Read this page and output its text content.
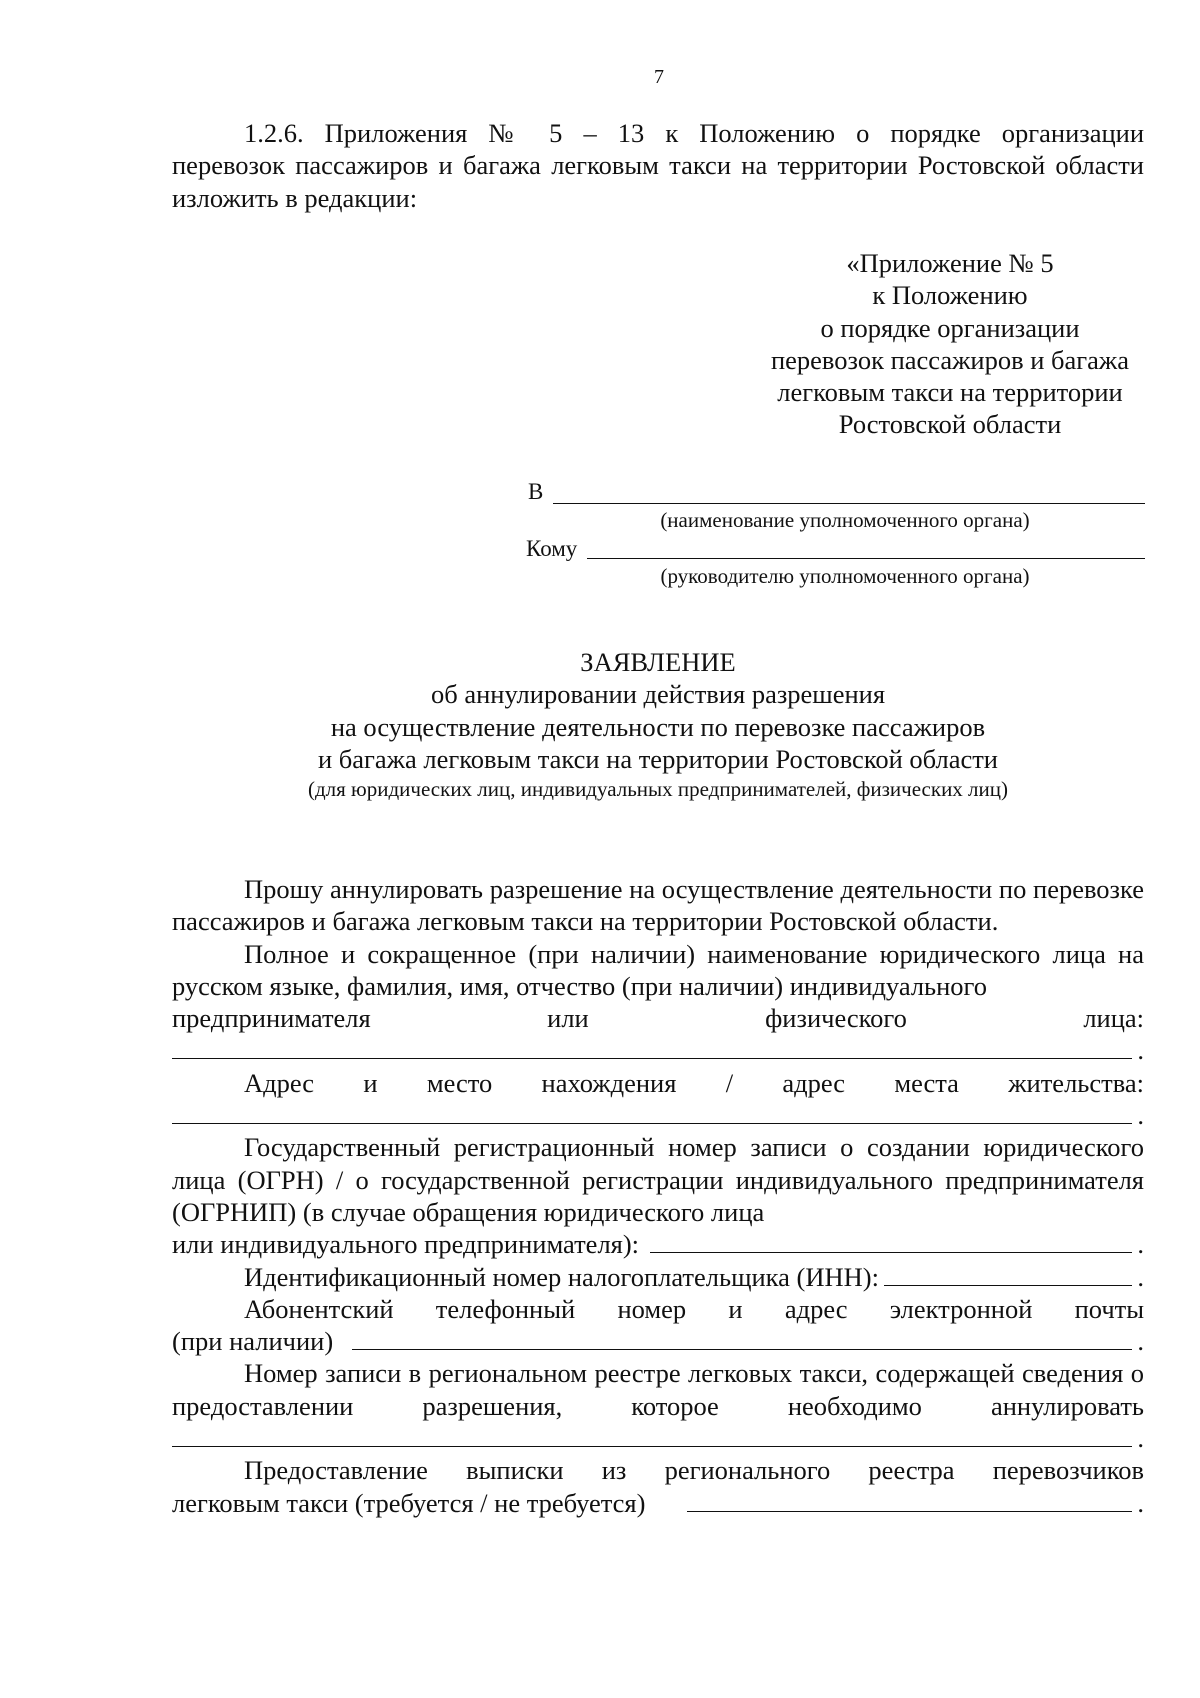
7
1.2.6. Приложения № 5 – 13 к Положению о порядке организации
перевозок пассажиров и багажа легковым такси на территории Ростовской области изложить в редакции:
«Приложение № 5
к Положению
о порядке организации
перевозок пассажиров и багажа
легковым такси на территории
Ростовской области
В
(наименование уполномоченного органа)
Кому
(руководителю уполномоченного органа)
ЗАЯВЛЕНИЕ
об аннулировании действия разрешения
на осуществление деятельности по перевозке пассажиров
и багажа легковым такси на территории Ростовской области
(для юридических лиц, индивидуальных предпринимателей, физических лиц)

Прошу аннулировать разрешение на осуществление деятельности по перевозке пассажиров и багажа легковым такси на территории Ростовской области.

Полное и сокращенное (при наличии) наименование юридического лица на русском языке, фамилия, имя, отчество (при наличии) индивидуального

предпринимателя	или	физического	лица:
.
Адрес и место нахождения / адрес места жительства:
.

Государственный регистрационный номер записи о создании юридического лица (ОГРН) / о государственной регистрации индивидуального предпринимателя (ОГРНИП) (в случае обращения юридического лица

или индивидуального предпринимателя):	.
Идентификационный номер налогоплательщика (ИНН):	.
Абонентский телефонный номер и адрес электронной почты
(при наличии)	.

Номер записи в региональном реестре легковых такси, содержащей сведения о предоставлении разрешения, которое необходимо аннулировать

.
Предоставление выписки из регионального реестра перевозчиков
легковым такси (требуется / не требуется)	.
